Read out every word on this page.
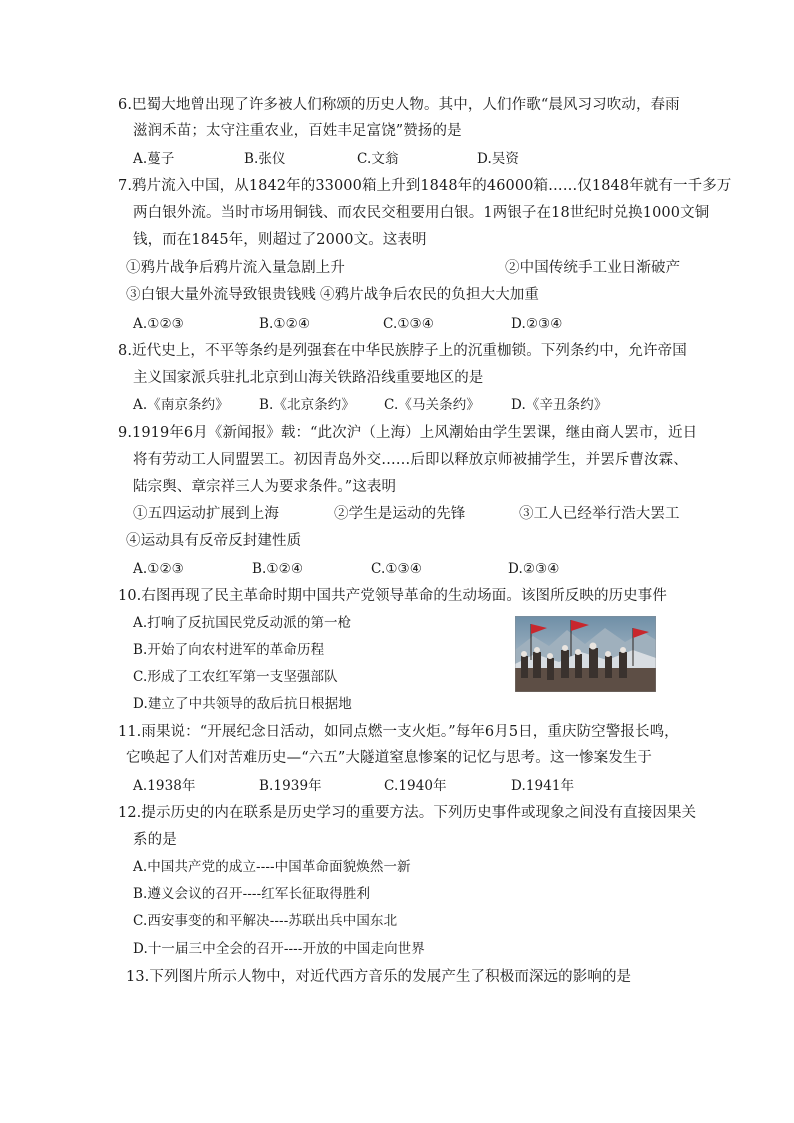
6.巴蜀大地曾出现了许多被人们称颂的历史人物。其中，人们作歌“晨风习习吹动，春雨
滋润禾苗；太守注重农业，百姓丰足富饶”赞扬的是
A.蔓子	B.张仪	C.文翁	D.吴资
7.鸦片流入中国，从1842年的33000箱上升到1848年的46000箱……仅1848年就有一千多万
两白银外流。当时市场用铜钱、而农民交租要用白银。1两银子在18世纪时兑换1000文铜
钱，而在1845年，则超过了2000文。这表明
①鸦片战争后鸦片流入量急剧上升	②中国传统手工业日渐破产
③白银大量外流导致银贵钱贱 ④鸦片战争后农民的负担大大加重
A.①②③	B.①②④	C.①③④	D.②③④
8.近代史上，不平等条约是列强套在中华民族脖子上的沉重枷锁。下列条约中，允许帝国
主义国家派兵驻扎北京到山海关铁路沿线重要地区的是
A.《南京条约》 B.《北京条约》 C.《马关条约》 D.《辛丑条约》
9.1919年6月《新闻报》载：“此次沪（上海）上风潮始由学生罢课，继由商人罢市，近日
将有劳动工人同盟罢工。初因青岛外交……后即以释放京师被捕学生，并罢斥曹汝霖、
陆宗舆、章宗祥三人为要求条件。”这表明
①五四运动扩展到上海	②学生是运动的先锋	③工人已经举行浩大罢工
④运动具有反帝反封建性质
A.①②③	B.①②④	C.①③④	D.②③④
10.右图再现了民主革命时期中国共产党领导革命的生动场面。该图所反映的历史事件
A.打响了反抗国民党反动派的第一枪
B.开始了向农村进军的革命历程
C.形成了工农红军第一支坚强部队
D.建立了中共领导的敌后抗日根据地
11.雨果说：“开展纪念日活动，如同点燃一支火炬。”每年6月5日，重庆防空警报长鸣，
它唤起了人们对苦难历史—“六五”大隧道窒息惨案的记忆与思考。这一惨案发生于
A.1938年	B.1939年	C.1940年	D.1941年
12.提示历史的内在联系是历史学习的重要方法。下列历史事件或现象之间没有直接因果关
系的是
A.中国共产党的成立----中国革命面貌焕然一新
B.遵义会议的召开----红军长征取得胜利
C.西安事变的和平解决----苏联出兵中国东北
D.十一届三中全会的召开----开放的中国走向世界
13.下列图片所示人物中，对近代西方音乐的发展产生了积极而深远的影响的是
